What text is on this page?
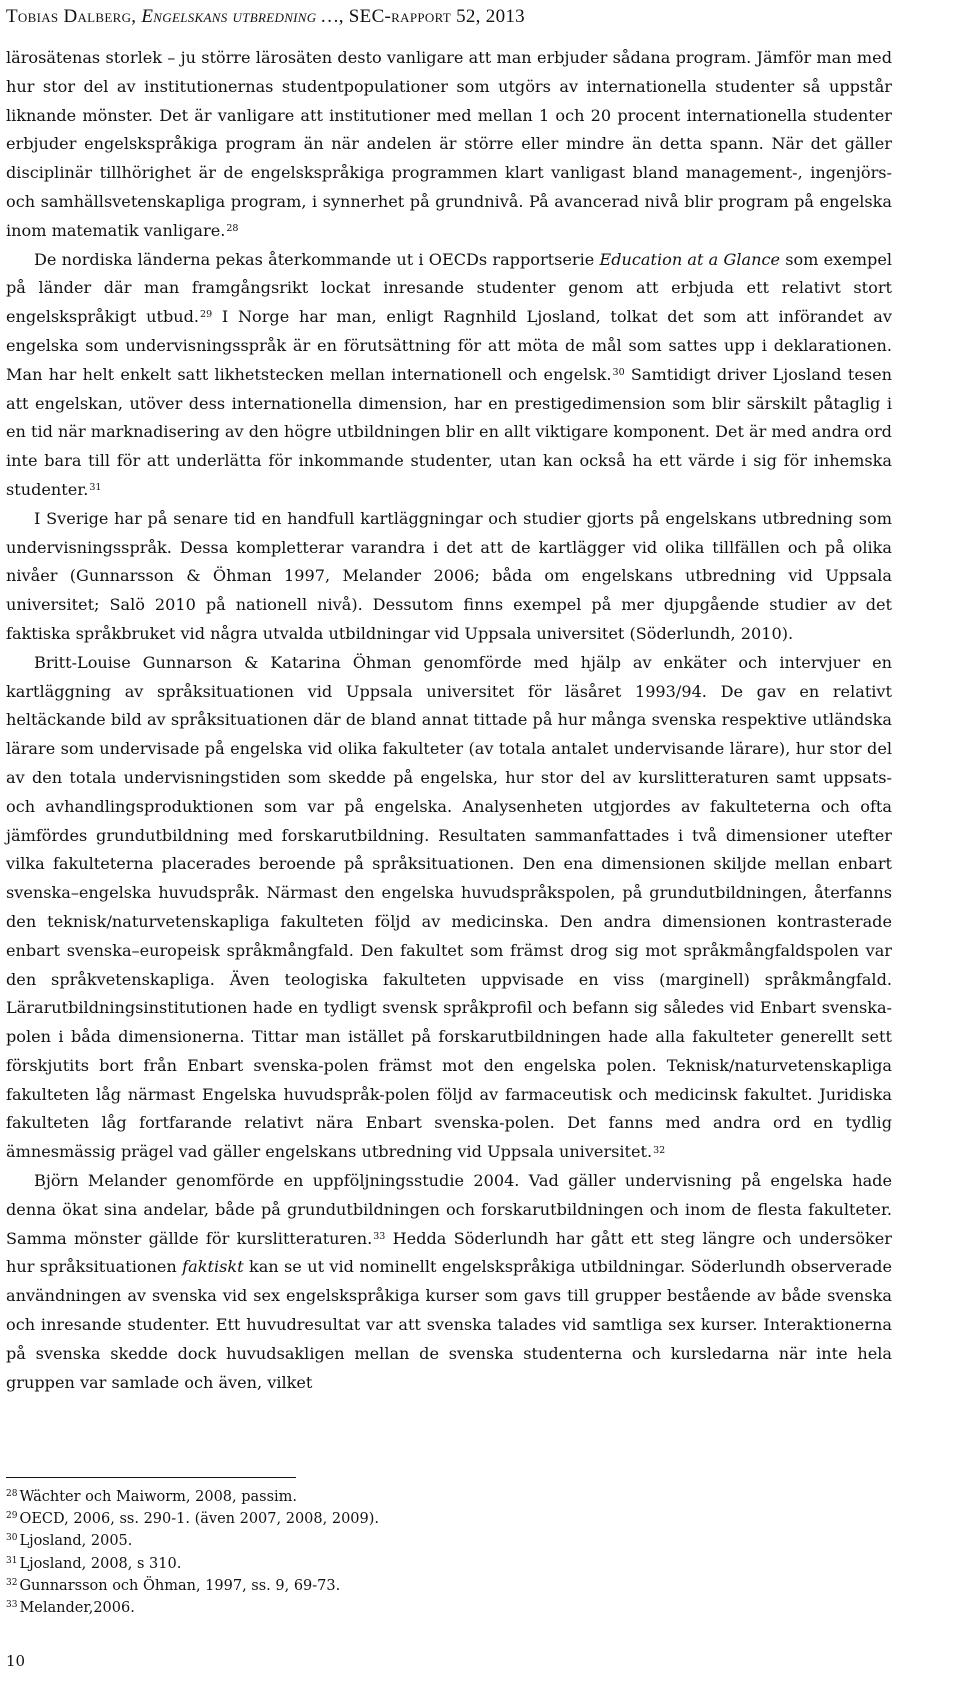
Tobias Dalberg, Engelskans utbredning …, SEC-rapport 52, 2013

lärosätenas storlek – ju större lärosäten desto vanligare att man erbjuder sådana program. Jämför man med hur stor del av institutionernas studentpopulationer som utgörs av internationella studenter så uppstår liknande mönster. Det är vanligare att institutioner med mellan 1 och 20 procent internationella studenter erbjuder engelskspråkiga program än när andelen är större eller mindre än detta spann. När det gäller disciplinär tillhörighet är de engelskspråkiga programmen klart vanligast bland management-, ingenjörs- och samhällsvetenskapliga program, i synnerhet på grundnivå. På avancerad nivå blir program på engelska inom matematik vanligare.$^{28}$

De nordiska länderna pekas återkommande ut i OECDs rapportserie Education at a Glance som exempel på länder där man framgångsrikt lockat inresande studenter genom att erbjuda ett relativt stort engelskspråkigt utbud.$^{29}$ I Norge har man, enligt Ragnhild Ljosland, tolkat det som att införandet av engelska som undervisningsspråk är en förutsättning för att möta de mål som sattes upp i deklarationen. Man har helt enkelt satt likhetstecken mellan internationell och engelsk.$^{30}$ Samtidigt driver Ljosland tesen att engelskan, utöver dess internationella dimension, har en prestigedimension som blir särskilt påtaglig i en tid när marknadisering av den högre utbildningen blir en allt viktigare komponent. Det är med andra ord inte bara till för att underlätta för inkommande studenter, utan kan också ha ett värde i sig för inhemska studenter.$^{31}$

I Sverige har på senare tid en handfull kartläggningar och studier gjorts på engelskans utbredning som undervisningsspråk. Dessa kompletterar varandra i det att de kartlägger vid olika tillfällen och på olika nivåer (Gunnarsson & Öhman 1997, Melander 2006; båda om engelskans utbredning vid Uppsala universitet; Salö 2010 på nationell nivå). Dessutom finns exempel på mer djupgående studier av det faktiska språkbruket vid några utvalda utbildningar vid Uppsala universitet (Söderlundh, 2010).

Britt-Louise Gunnarson & Katarina Öhman genomförde med hjälp av enkäter och intervjuer en kartläggning av språksituationen vid Uppsala universitet för läsåret 1993/94. De gav en relativt heltäckande bild av språksituationen där de bland annat tittade på hur många svenska respektive utländska lärare som undervisade på engelska vid olika fakulteter (av totala antalet undervisande lärare), hur stor del av den totala undervisningstiden som skedde på engelska, hur stor del av kurslitteraturen samt uppsats- och avhandlingsproduktionen som var på engelska. Analysenheten utgjordes av fakulteterna och ofta jämfördes grundutbildning med forskarutbildning. Resultaten sammanfattades i två dimensioner utefter vilka fakulteterna placerades beroende på språksituationen. Den ena dimensionen skiljde mellan enbart svenska–engelska huvudspråk. Närmast den engelska huvudspråkspolen, på grundutbildningen, återfanns den teknisk/naturvetenskapliga fakulteten följd av medicinska. Den andra dimensionen kontrasterade enbart svenska–europeisk språkmångfald. Den fakultet som främst drog sig mot språkmångfaldspolen var den språkvetenskapliga. Även teologiska fakulteten uppvisade en viss (marginell) språkmångfald. Lärarutbildningsinstitutionen hade en tydligt svensk språkprofil och befann sig således vid Enbart svenska-polen i båda dimensionerna. Tittar man istället på forskarutbildningen hade alla fakulteter generellt sett förskjutits bort från Enbart svenska-polen främst mot den engelska polen. Teknisk/naturvetenskapliga fakulteten låg närmast Engelska huvudspråk-polen följd av farmaceutisk och medicinsk fakultet. Juridiska fakulteten låg fortfarande relativt nära Enbart svenska-polen. Det fanns med andra ord en tydlig ämnesmässig prägel vad gäller engelskans utbredning vid Uppsala universitet.$^{32}$

Björn Melander genomförde en uppföljningsstudie 2004. Vad gäller undervisning på engelska hade denna ökat sina andelar, både på grundutbildningen och forskarutbildningen och inom de flesta fakulteter. Samma mönster gällde för kurslitteraturen.$^{33}$ Hedda Söderlundh har gått ett steg längre och undersöker hur språksituationen faktiskt kan se ut vid nominellt engelskspråkiga utbildningar. Söderlundh observerade användningen av svenska vid sex engelskspråkiga kurser som gavs till grupper bestående av både svenska och inresande studenter. Ett huvudresultat var att svenska talades vid samtliga sex kurser. Interaktionerna på svenska skedde dock huvudsakligen mellan de svenska studenterna och kursledarna när inte hela gruppen var samlade och även, vilket

$^{28}$ Wächter och Maiworm, 2008, passim.
$^{29}$ OECD, 2006, ss. 290-1. (även 2007, 2008, 2009).
$^{30}$ Ljosland, 2005.
$^{31}$ Ljosland, 2008, s 310.
$^{32}$ Gunnarsson och Öhman, 1997, ss. 9, 69-73.
$^{33}$ Melander,2006.
10
